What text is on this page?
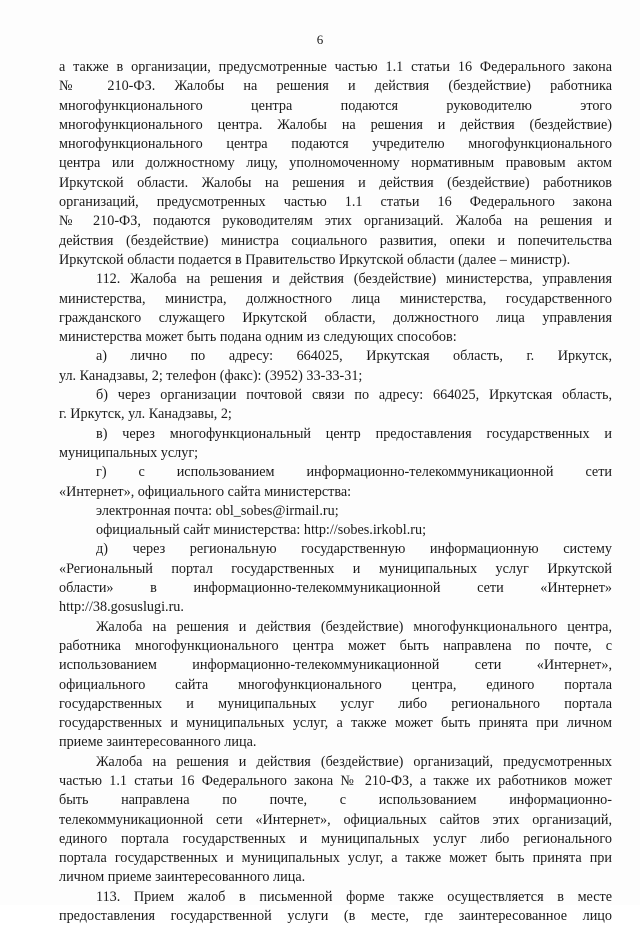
6
а также в организации, предусмотренные частью 1.1 статьи 16 Федерального закона
№ 210-ФЗ. Жалобы на решения и действия (бездействие) работника
многофункционального центра подаются руководителю этого
многофункционального центра. Жалобы на решения и действия (бездействие)
многофункционального центра подаются учредителю многофункционального
центра или должностному лицу, уполномоченному нормативным правовым актом
Иркутской области. Жалобы на решения и действия (бездействие) работников
организаций, предусмотренных частью 1.1 статьи 16 Федерального закона
№ 210-ФЗ, подаются руководителям этих организаций. Жалоба на решения и
действия (бездействие) министра социального развития, опеки и попечительства
Иркутской области подается в Правительство Иркутской области (далее – министр).
112. Жалоба на решения и действия (бездействие) министерства, управления
министерства, министра, должностного лица министерства, государственного
гражданского служащего Иркутской области, должностного лица управления
министерства может быть подана одним из следующих способов:
а) лично по адресу: 664025, Иркутская область, г. Иркутск,
ул. Канадзавы, 2; телефон (факс): (3952) 33-33-31;
б) через организации почтовой связи по адресу: 664025, Иркутская область,
г. Иркутск, ул. Канадзавы, 2;
в) через многофункциональный центр предоставления государственных и
муниципальных услуг;
г) с использованием информационно-телекоммуникационной сети
«Интернет», официального сайта министерства:
электронная почта: obl_sobes@irmail.ru;
официальный сайт министерства: http://sobes.irkobl.ru;
д) через региональную государственную информационную систему
«Региональный портал государственных и муниципальных услуг Иркутской
области» в информационно-телекоммуникационной сети «Интернет»
http://38.gosuslugi.ru.
Жалоба на решения и действия (бездействие) многофункционального центра,
работника многофункционального центра может быть направлена по почте, с
использованием информационно-телекоммуникационной сети «Интернет»,
официального сайта многофункционального центра, единого портала
государственных и муниципальных услуг либо регионального портала
государственных и муниципальных услуг, а также может быть принята при личном
приеме заинтересованного лица.
Жалоба на решения и действия (бездействие) организаций, предусмотренных
частью 1.1 статьи 16 Федерального закона № 210-ФЗ, а также их работников может
быть направлена по почте, с использованием информационно-
телекоммуникационной сети «Интернет», официальных сайтов этих организаций,
единого портала государственных и муниципальных услуг либо регионального
портала государственных и муниципальных услуг, а также может быть принята при
личном приеме заинтересованного лица.
113. Прием жалоб в письменной форме также осуществляется в месте
предоставления государственной услуги (в месте, где заинтересованное лицо
